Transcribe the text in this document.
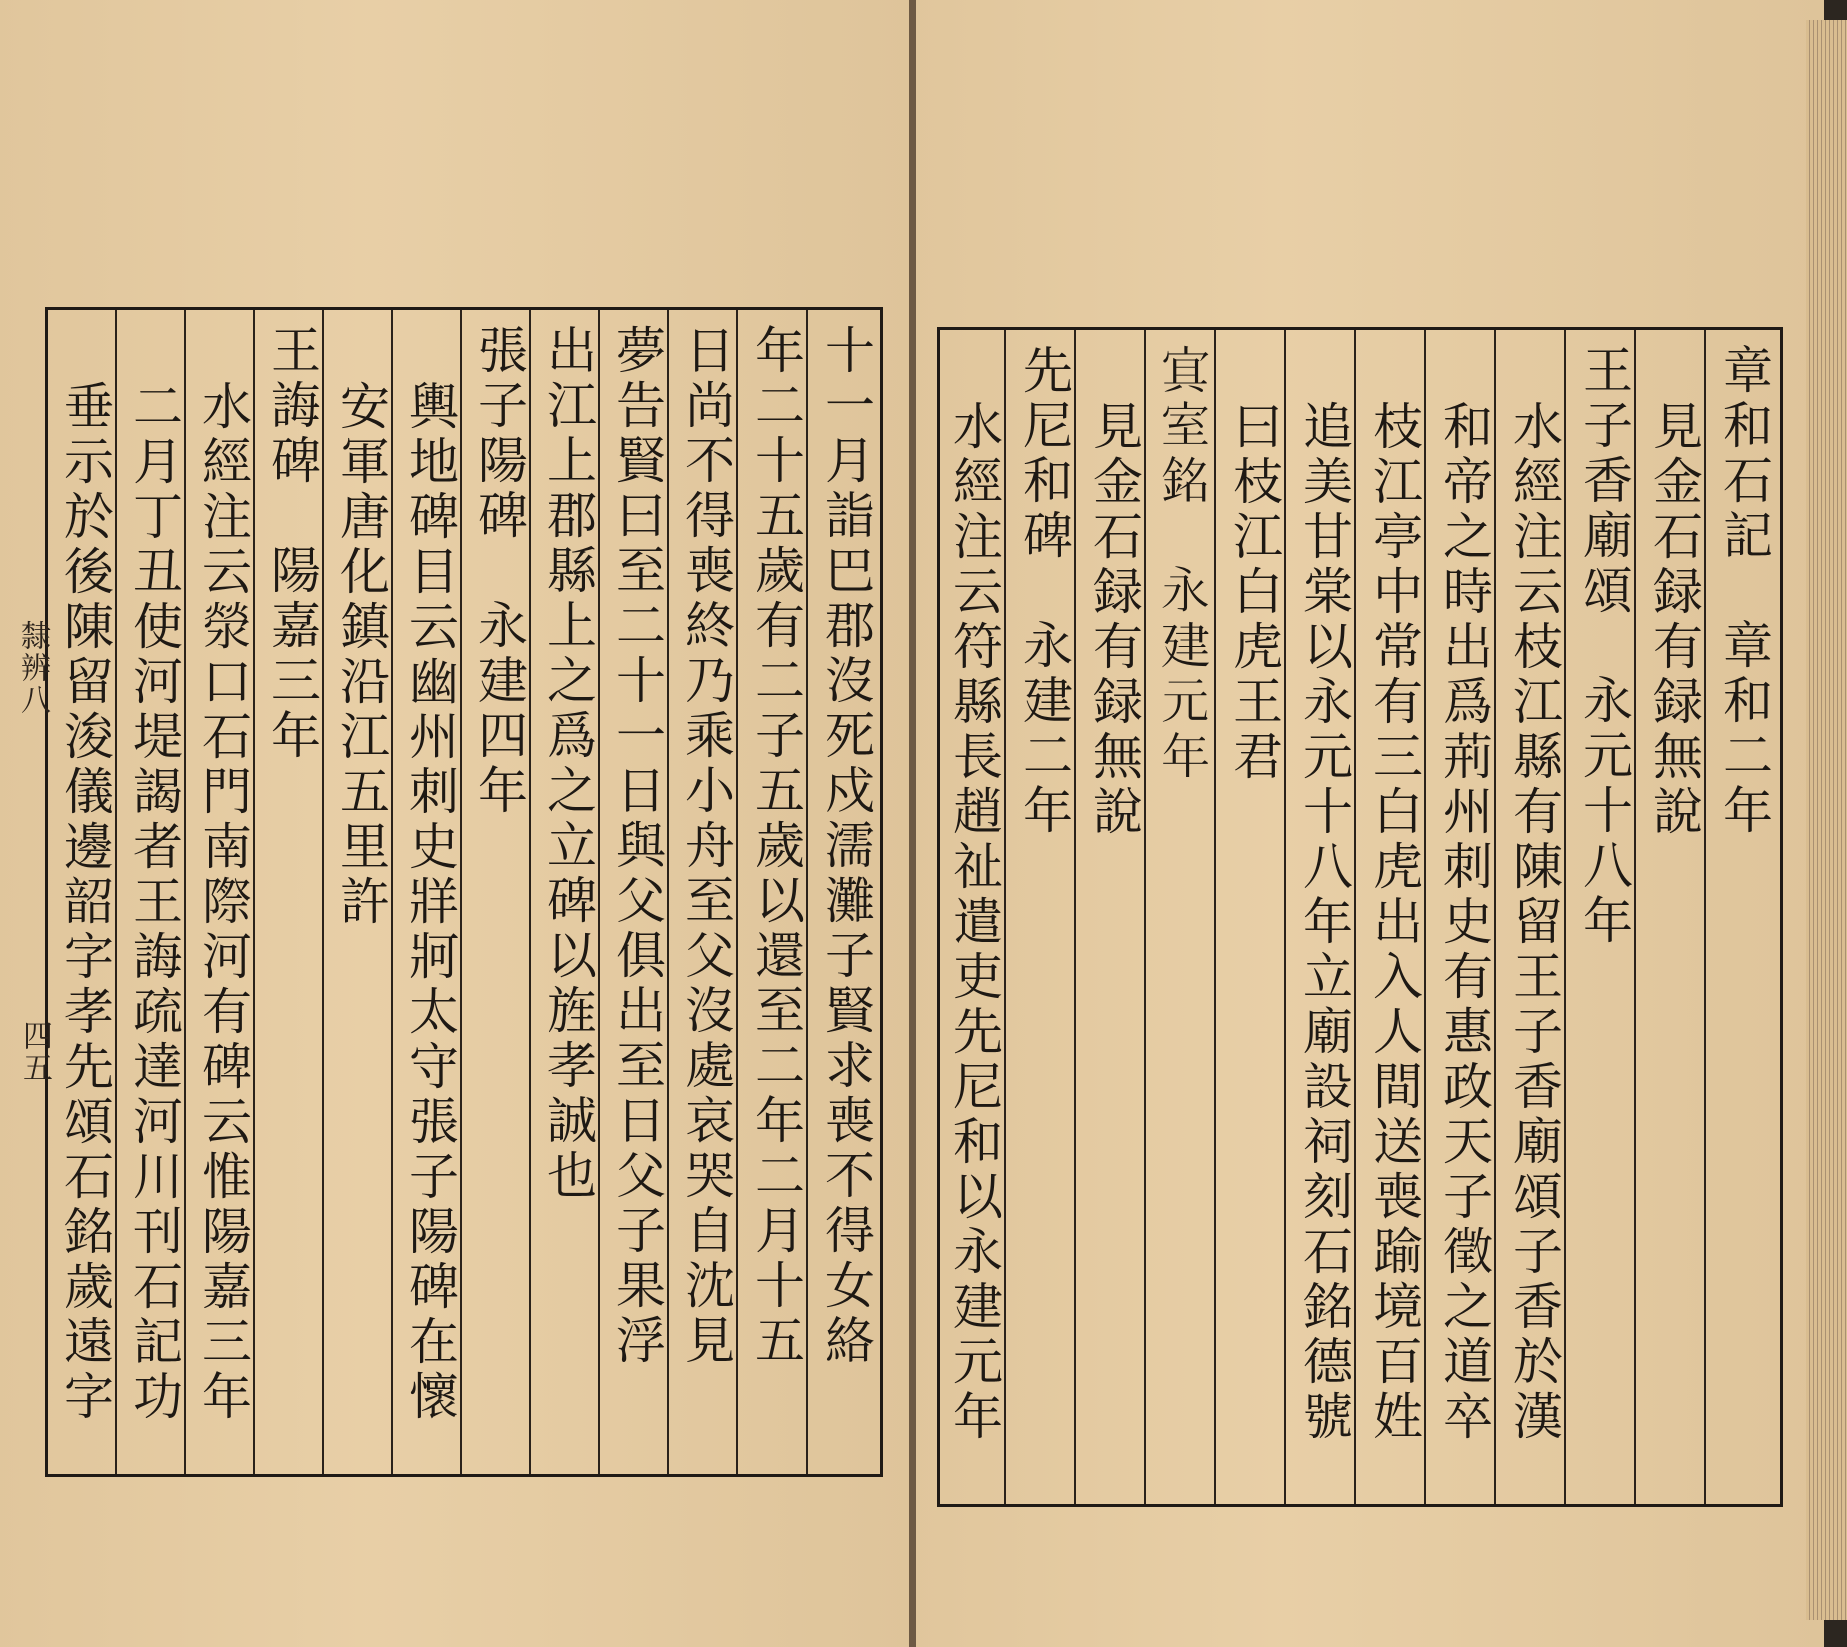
十一月詣巴郡沒死戍濡灘子賢求喪不得女絡
年二十五歲有二子五歲以還至二年二月十五
日尚不得喪終乃乘小舟至父沒處哀哭自沈見
夢告賢曰至二十一日與父俱出至日父子果浮
出江上郡縣上之爲之立碑以旌孝誠也
張子陽碑　永建四年
輿地碑目云幽州刺史牂牁太守張子陽碑在懷
安軍唐化鎮沿江五里許
王誨碑　陽嘉三年
水經注云滎口石門南際河有碑云惟陽嘉三年
二月丁丑使河堤謁者王誨疏達河川刊石記功
垂示於後陳留浚儀邊韶字孝先頌石銘歲遠字
隸辨八
四五
章和石記　章和二年
見金石録有録無說
王子香廟頌　永元十八年
水經注云枝江縣有陳留王子香廟頌子香於漢
和帝之時出爲荊州刺史有惠政天子徵之道卒
枝江亭中常有三白虎出入人間送喪踰境百姓
追美甘棠以永元十八年立廟設祠刻石銘德號
曰枝江白虎王君
𡨋室銘　永建元年
見金石録有録無說
先尼和碑　永建二年
水經注云符縣長趙祉遣吏先尼和以永建元年
